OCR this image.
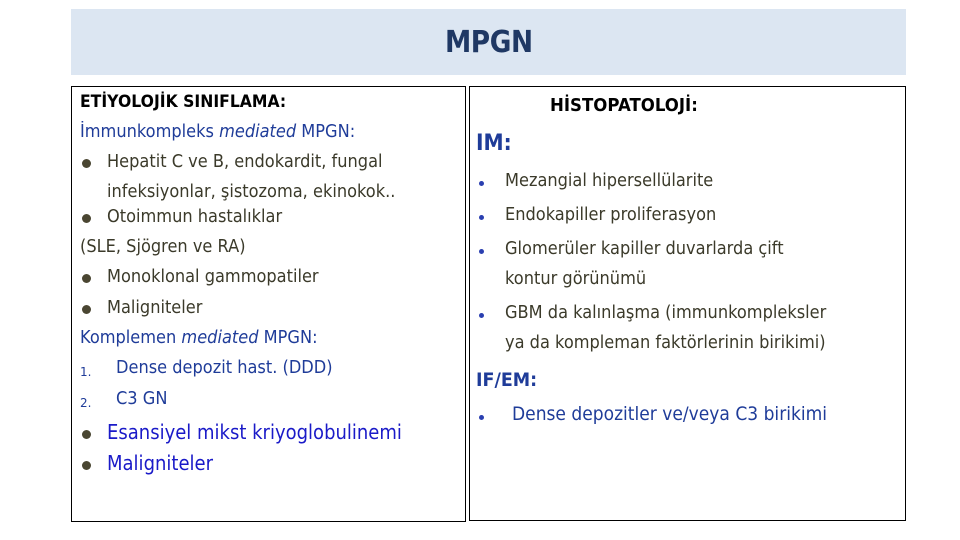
MPGN
ETİYOLOJİK SINIFLAMA:
İmmunkompleks mediated MPGN:
Hepatit C ve B, endokardit, fungal
infeksiyonlar, şistozoma, ekinokok..
Otoimmun hastalıklar
(SLE, Sjögren ve RA)
Monoklonal gammopatiler
Maligniteler
Komplemen mediated MPGN:
1. Dense depozit hast. (DDD)
2. C3 GN
Esansiyel mikst kriyoglobulinemi
Maligniteler
HİSTOPATOLOJİ:
IM:
Mezangial hipersellülarite
Endokapiller proliferasyon
Glomerüler kapiller duvarlarda çift
kontur görünümü
GBM da kalınlaşma (immunkompleksler
ya da kompleman faktörlerinin birikimi)
IF/EM:
Dense depozitler ve/veya C3 birikimi
